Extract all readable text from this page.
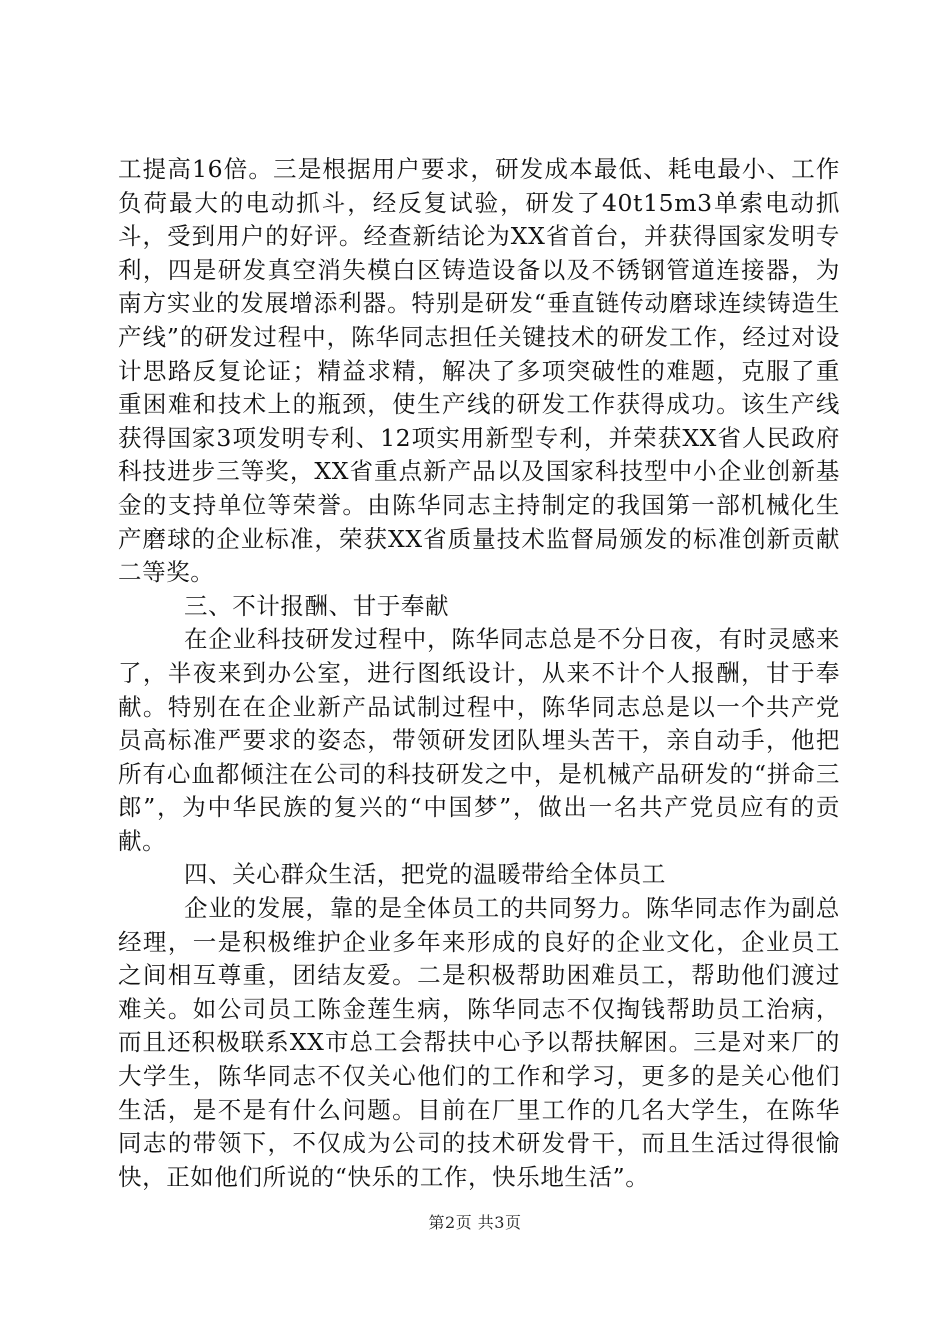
工提高16倍。三是根据用户要求，研发成本最低、耗电最小、工作负荷最大的电动抓斗，经反复试验，研发了40t15m3单索电动抓斗，受到用户的好评。经查新结论为XX省首台，并获得国家发明专利，四是研发真空消失模白区铸造设备以及不锈钢管道连接器，为南方实业的发展增添利器。特别是研发“垂直链传动磨球连续铸造生产线”的研发过程中，陈华同志担任关键技术的研发工作，经过对设计思路反复论证；精益求精，解决了多项突破性的难题，克服了重重困难和技术上的瓶颈，使生产线的研发工作获得成功。该生产线获得国家3项发明专利、12项实用新型专利，并荣获XX省人民政府科技进步三等奖，XX省重点新产品以及国家科技型中小企业创新基金的支持单位等荣誉。由陈华同志主持制定的我国第一部机械化生产磨球的企业标准，荣获XX省质量技术监督局颁发的标准创新贡献二等奖。

三、不计报酬、甘于奉献

在企业科技研发过程中，陈华同志总是不分日夜，有时灵感来了，半夜来到办公室，进行图纸设计，从来不计个人报酬，甘于奉献。特别在在企业新产品试制过程中，陈华同志总是以一个共产党员高标准严要求的姿态，带领研发团队埋头苦干，亲自动手，他把所有心血都倾注在公司的科技研发之中，是机械产品研发的“拼命三郎”，为中华民族的复兴的“中国梦”，做出一名共产党员应有的贡献。

四、关心群众生活，把党的温暖带给全体员工

企业的发展，靠的是全体员工的共同努力。陈华同志作为副总经理，一是积极维护企业多年来形成的良好的企业文化，企业员工之间相互尊重，团结友爱。二是积极帮助困难员工，帮助他们渡过难关。如公司员工陈金莲生病，陈华同志不仅掏钱帮助员工治病，而且还积极联系XX市总工会帮扶中心予以帮扶解困。三是对来厂的大学生，陈华同志不仅关心他们的工作和学习，更多的是关心他们生活，是不是有什么问题。目前在厂里工作的几名大学生，在陈华同志的带领下，不仅成为公司的技术研发骨干，而且生活过得很愉快，正如他们所说的“快乐的工作，快乐地生活”。

第2页 共3页
